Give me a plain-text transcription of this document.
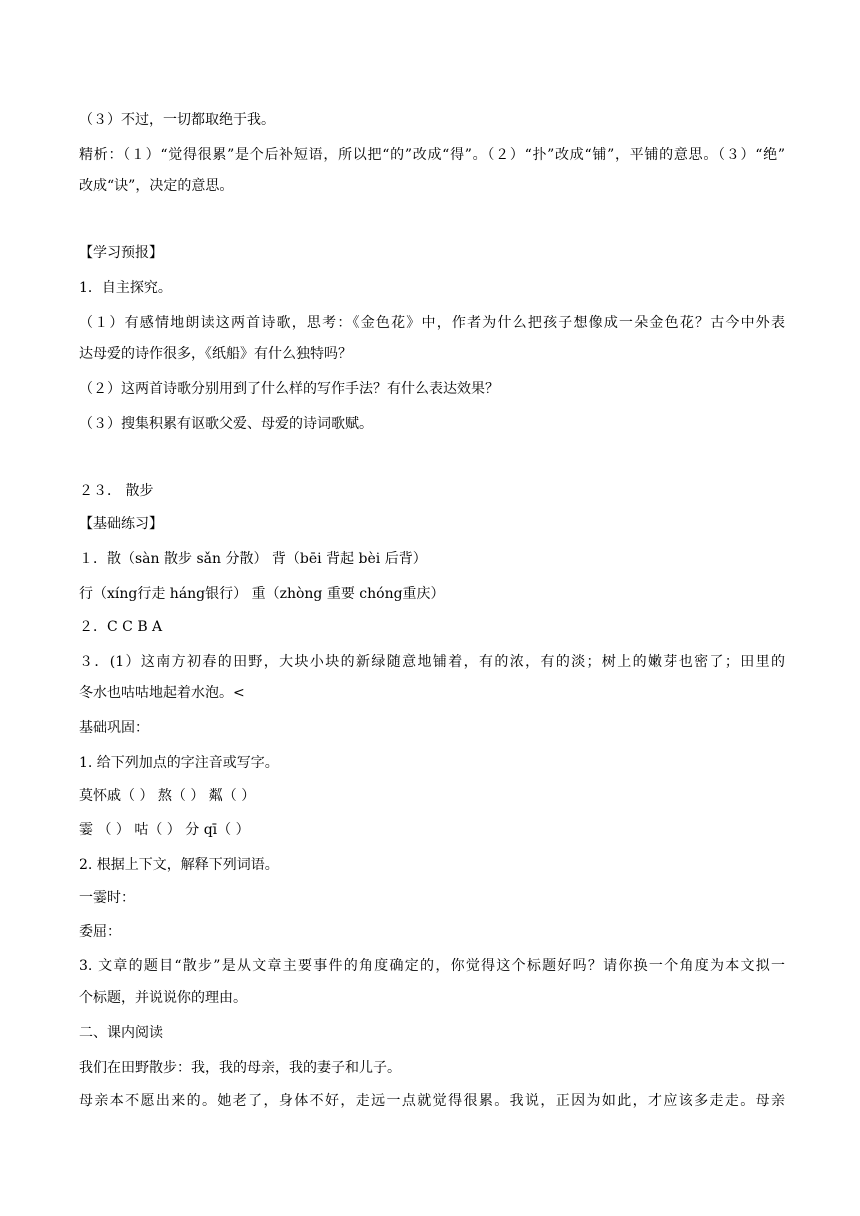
（３）不过，一切都取绝于我。
精析：（１）“觉得很累”是个后补短语，所以把“的”改成“得”。（２）“扑”改成“铺”，平铺的意思。（３）“绝”
改成“诀”，决定的意思。
【学习预报】
1．自主探究。
（１）有感情地朗读这两首诗歌，思考：《金色花》中，作者为什么把孩子想像成一朵金色花？古今中外表
达母爱的诗作很多，《纸船》有什么独特吗？
（２）这两首诗歌分别用到了什么样的写作手法？有什么表达效果？
（３）搜集积累有讴歌父爱、母爱的诗词歌赋。
２３． 散步
【基础练习】
１．散（sàn 散步 sǎn 分散） 背（bēi 背起 bèi 后背）
行（xíng行走 háng银行） 重（zhòng 重要 chóng重庆）
２．C C B A
３．(1）这南方初春的田野，大块小块的新绿随意地铺着，有的浓，有的淡；树上的嫩芽也密了；田里的
冬水也咕咕地起着水泡。<
基础巩固：
1. 给下列加点的字注音或写字。
莫怀戚（ ） 熬（ ） 粼（ ）
霎 （ ） 咕（ ） 分 qī（ ）
2. 根据上下文，解释下列词语。
一霎时：
委屈：
3. 文章的题目“散步”是从文章主要事件的角度确定的，你觉得这个标题好吗？请你换一个角度为本文拟一
个标题，并说说你的理由。
二、课内阅读
我们在田野散步：我，我的母亲，我的妻子和儿子。
母亲本不愿出来的。她老了，身体不好，走远一点就觉得很累。我说，正因为如此，才应该多走走。母亲
